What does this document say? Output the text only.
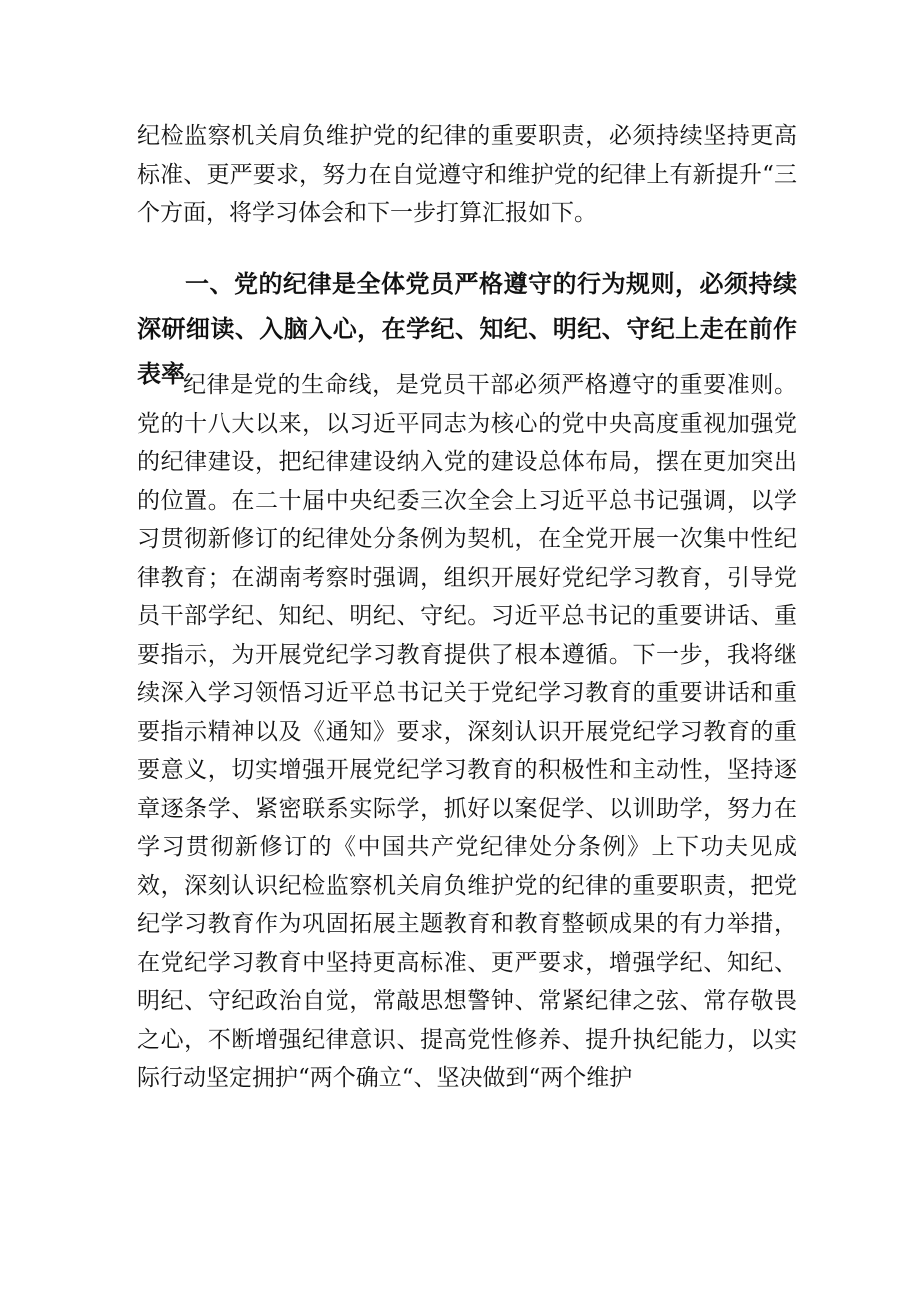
纪检监察机关肩负维护党的纪律的重要职责，必须持续坚持更高标准、更严要求，努力在自觉遵守和维护党的纪律上有新提升“三个方面，将学习体会和下一步打算汇报如下。

一、党的纪律是全体党员严格遵守的行为规则，必须持续深研细读、入脑入心，在学纪、知纪、明纪、守纪上走在前作表率

纪律是党的生命线，是党员干部必须严格遵守的重要准则。党的十八大以来，以习近平同志为核心的党中央高度重视加强党的纪律建设，把纪律建设纳入党的建设总体布局，摆在更加突出的位置。在二十届中央纪委三次全会上习近平总书记强调，以学习贯彻新修订的纪律处分条例为契机，在全党开展一次集中性纪律教育；在湖南考察时强调，组织开展好党纪学习教育，引导党员干部学纪、知纪、明纪、守纪。习近平总书记的重要讲话、重要指示，为开展党纪学习教育提供了根本遵循。下一步，我将继续深入学习领悟习近平总书记关于党纪学习教育的重要讲话和重要指示精神以及《通知》要求，深刻认识开展党纪学习教育的重要意义，切实增强开展党纪学习教育的积极性和主动性，坚持逐章逐条学、紧密联系实际学，抓好以案促学、以训助学，努力在学习贯彻新修订的《中国共产党纪律处分条例》上下功夫见成效，深刻认识纪检监察机关肩负维护党的纪律的重要职责，把党纪学习教育作为巩固拓展主题教育和教育整顿成果的有力举措，在党纪学习教育中坚持更高标准、更严要求，增强学纪、知纪、明纪、守纪政治自觉，常敲思想警钟、常紧纪律之弦、常存敬畏之心，不断增强纪律意识、提高党性修养、提升执纪能力，以实际行动坚定拥护“两个确立“、坚决做到“两个维护
